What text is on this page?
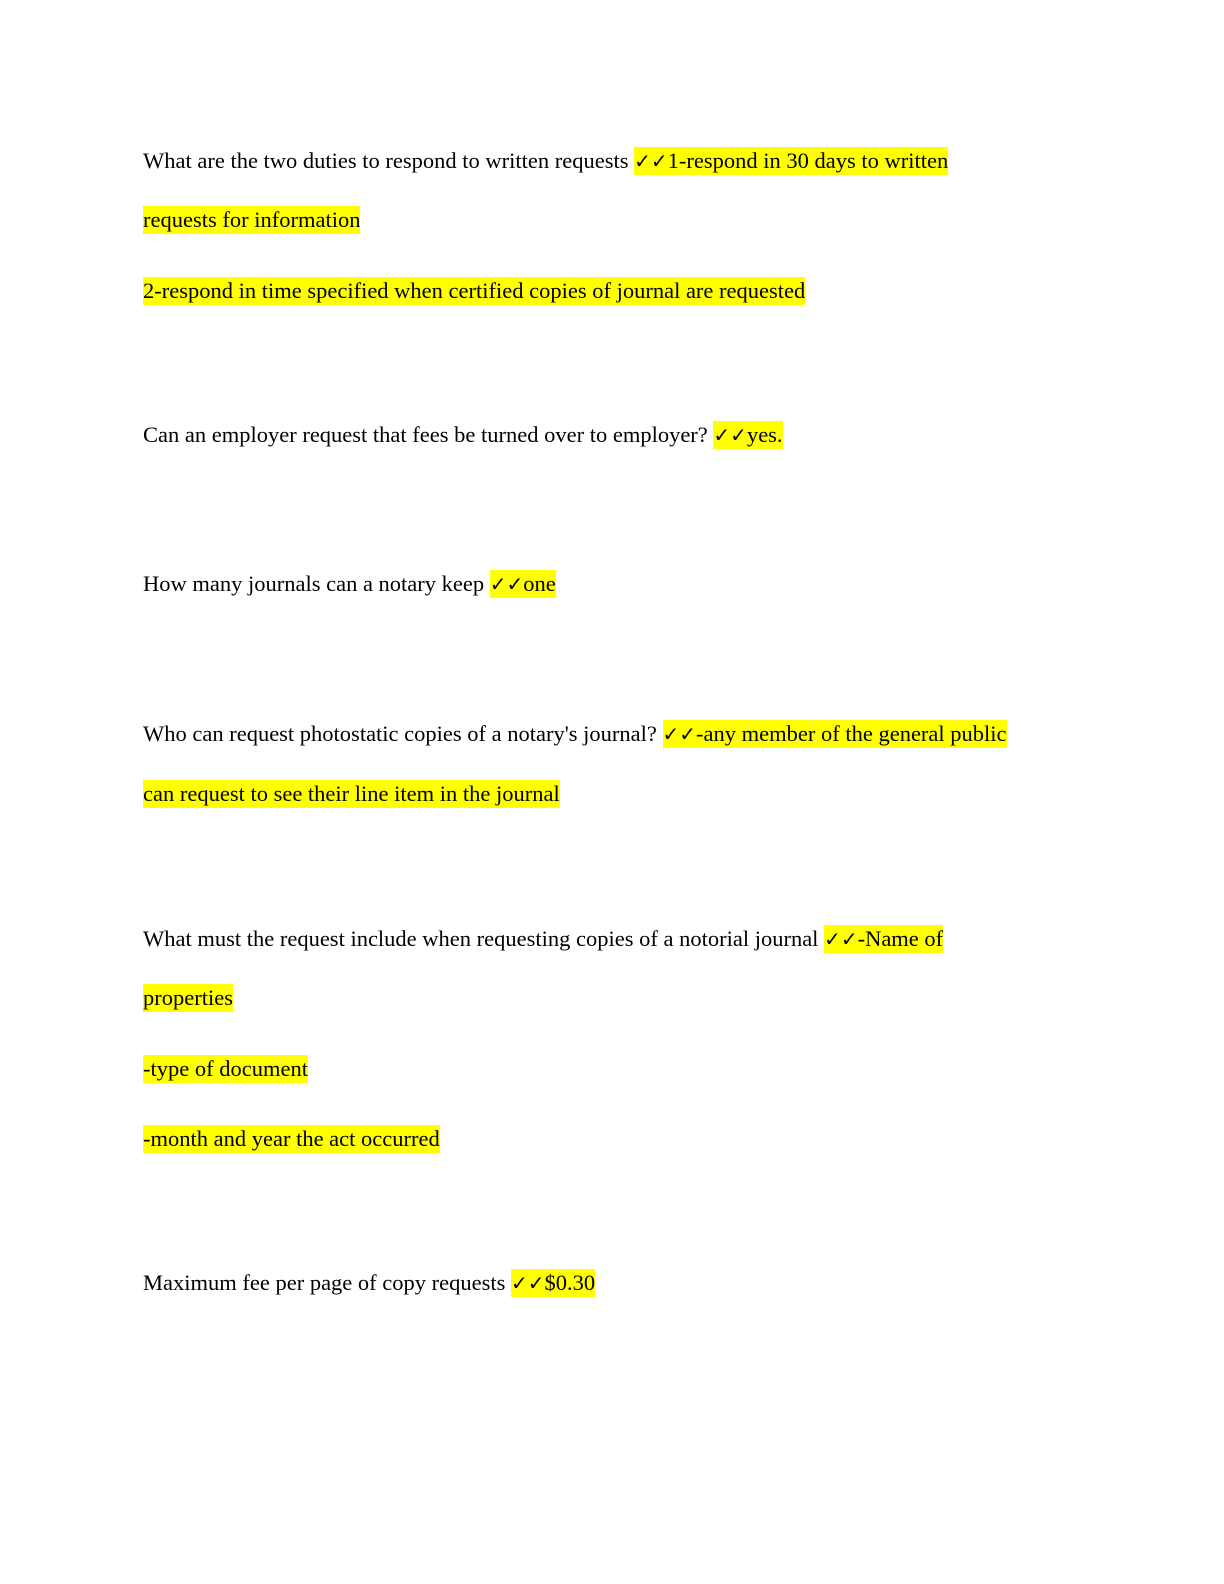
What are the two duties to respond to written requests ✓✓1-respond in 30 days to written
requests for information
2-respond in time specified when certified copies of journal are requested
Can an employer request that fees be turned over to employer? ✓✓yes.
How many journals can a notary keep ✓✓one
Who can request photostatic copies of a notary's journal? ✓✓-any member of the general public
can request to see their line item in the journal
What must the request include when requesting copies of a notorial journal ✓✓-Name of
properties
-type of document
-month and year the act occurred
Maximum fee per page of copy requests ✓✓$0.30
